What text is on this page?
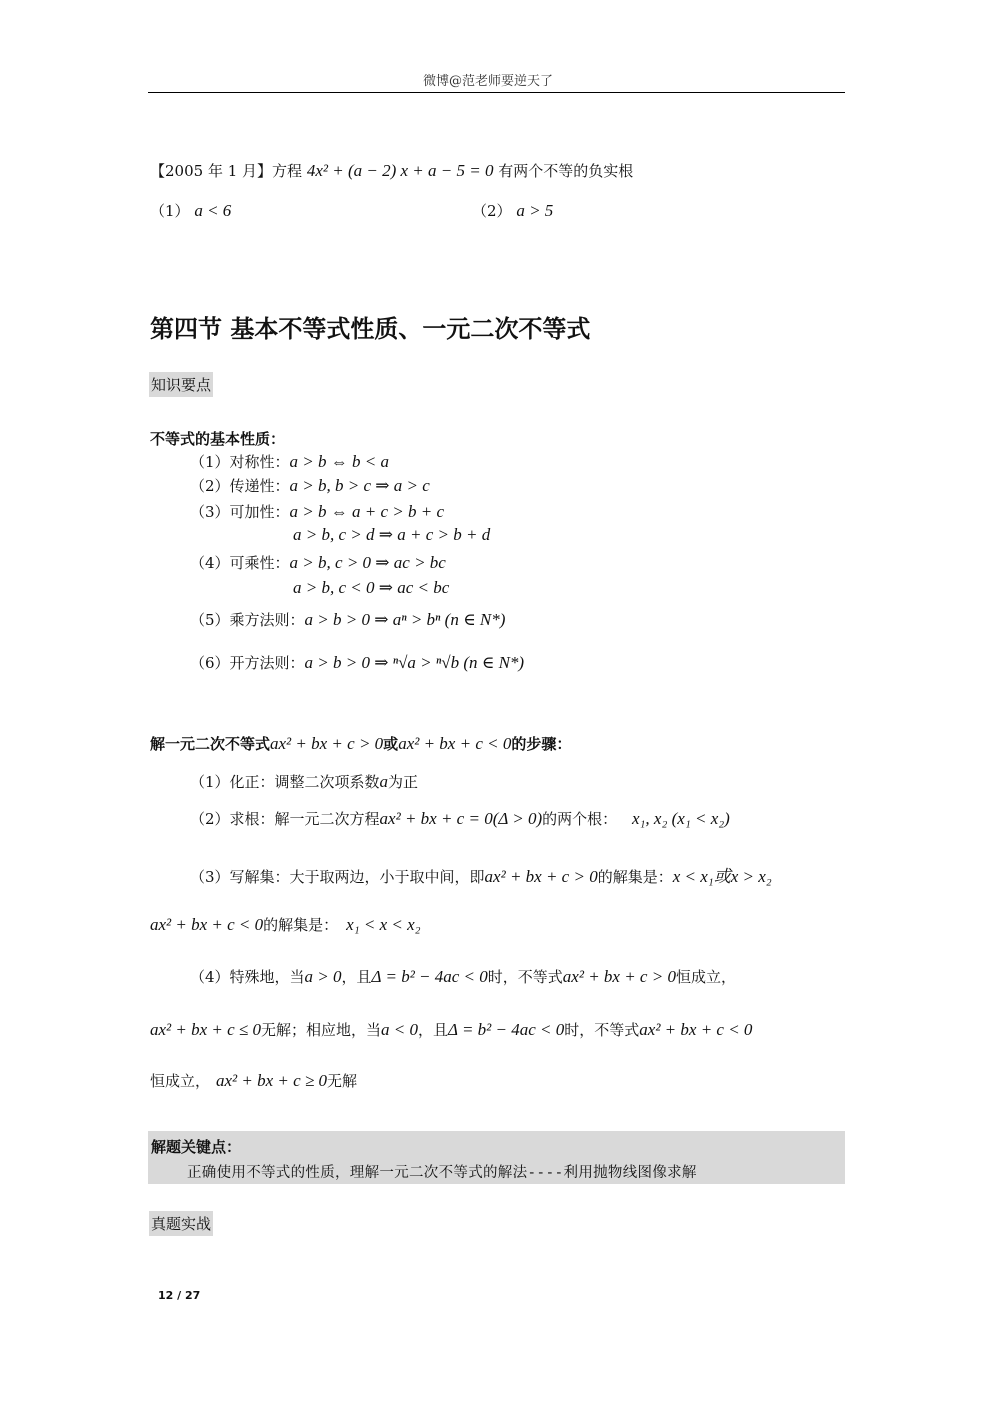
微博@范老师要逆天了
【2005 年 1 月】方程 4x² + (a − 2) x + a − 5 = 0 有两个不等的负实根
（1） a < 6	（2） a > 5
第四节 基本不等式性质、一元二次不等式
知识要点
不等式的基本性质：
（1）对称性：a > b ⇔ b < a
（2）传递性：a > b, b > c ⇒ a > c
（3）可加性：a > b ⇔ a + c > b + c
a > b, c > d ⇒ a + c > b + d
（4）可乘性：a > b, c > 0 ⇒ ac > bc
a > b, c < 0 ⇒ ac < bc
（5）乘方法则：a > b > 0 ⇒ aⁿ > bⁿ (n ∈ N*)
（6）开方法则：a > b > 0 ⇒ ⁿ√a > ⁿ√b (n ∈ N*)
解一元二次不等式ax² + bx + c > 0或ax² + bx + c < 0的步骤：
（1）化正：调整二次项系数a为正
（2）求根：解一元二次方程ax² + bx + c = 0(Δ > 0)的两个根： x₁, x₂ (x₁ < x₂)
（3）写解集：大于取两边，小于取中间，即ax² + bx + c > 0的解集是：x < x₁或x > x₂
ax² + bx + c < 0的解集是： x₁ < x < x₂
（4）特殊地，当a > 0，且Δ = b² − 4ac < 0时，不等式ax² + bx + c > 0恒成立，
ax² + bx + c ≤ 0无解；相应地，当a < 0，且Δ = b² − 4ac < 0时，不等式ax² + bx + c < 0
恒成立， ax² + bx + c ≥ 0无解
解题关键点：
正确使用不等式的性质，理解一元二次不等式的解法----利用抛物线图像求解
真题实战
12 / 27
